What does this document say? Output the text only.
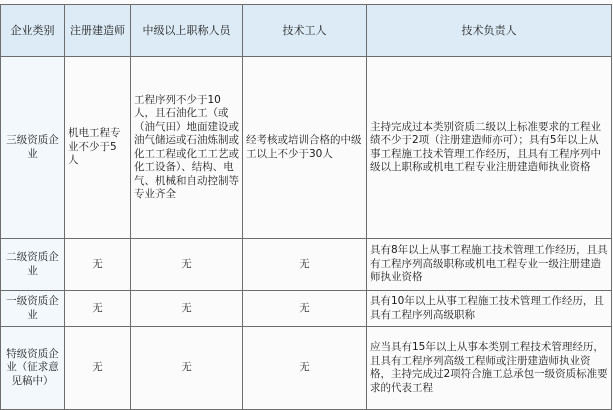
企业类别	注册建造师	中级以上职称人员	技术工人	技术负责人
三级资质企业	机电工程专业不少于5人	工程序列不少于10人，且石油化工（或（油气田）地面建设或油气储运或石油炼制或化工工程或化工工艺或化工设备）、结构、电气、机械和自动控制等专业齐全	经考核或培训合格的中级工以上不少于30人	主持完成过本类别资质二级以上标准要求的工程业绩不少于2项（注册建造师亦可）；具有5年以上从事工程施工技术管理工作经历，且具有工程序列中级以上职称或机电工程专业注册建造师执业资格
二级资质企业	无	无	无	具有8年以上从事工程施工技术管理工作经历，且具有工程序列高级职称或机电工程专业一级注册建造师执业资格
一级资质企业	无	无	无	具有10年以上从事工程施工技术管理工作经历，且具有工程序列高级职称
特级资质企业（征求意见稿中）	无	无	无	应当具有15年以上从事本类别工程技术管理经历，且具有工程序列高级工程师或注册建造师执业资格，主持完成过2项符合施工总承包一级资质标准要求的代表工程
